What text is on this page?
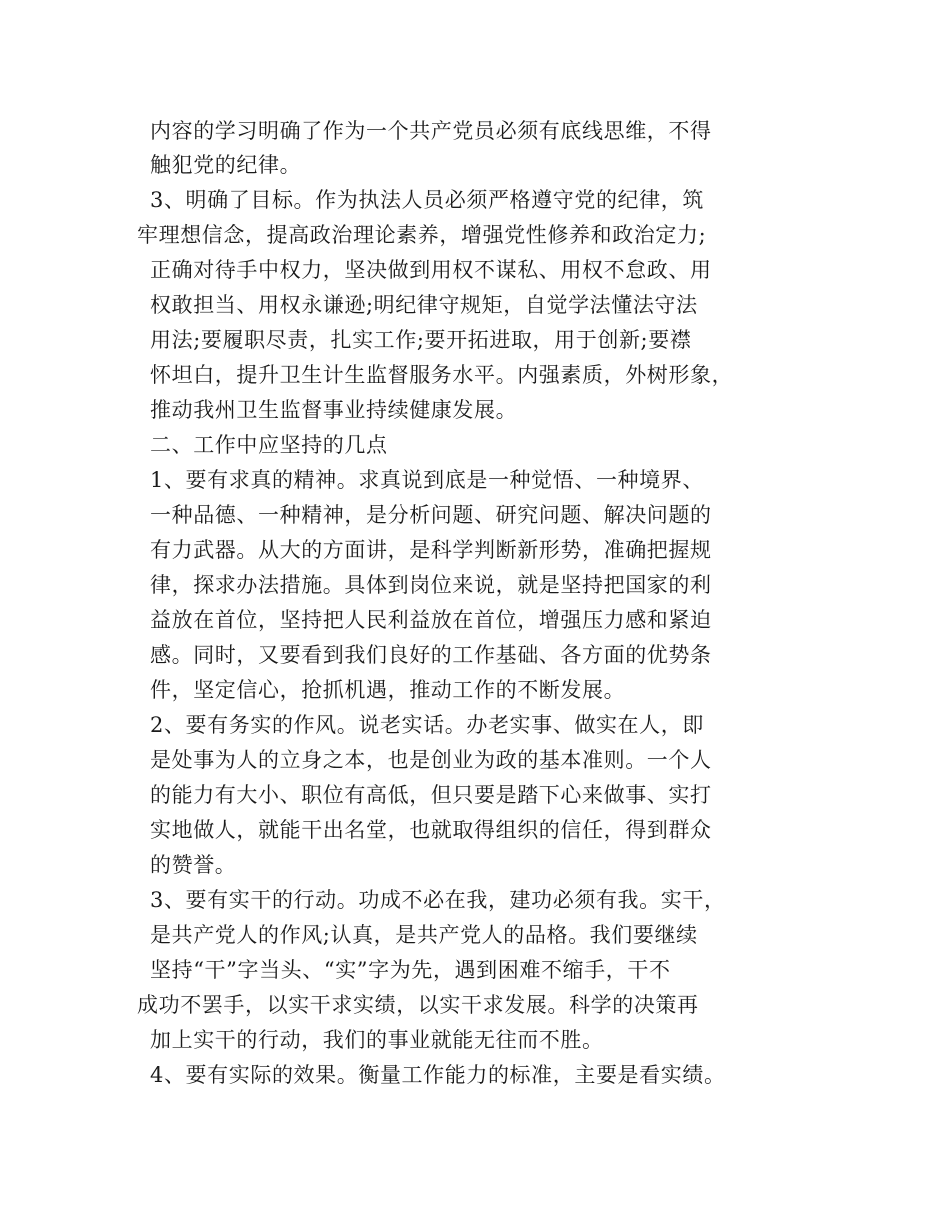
内容的学习明确了作为一个共产党员必须有底线思维，不得
触犯党的纪律。
3、明确了目标。作为执法人员必须严格遵守党的纪律，筑
牢理想信念，提高政治理论素养，增强党性修养和政治定力;
正确对待手中权力，坚决做到用权不谋私、用权不怠政、用
权敢担当、用权永谦逊;明纪律守规矩，自觉学法懂法守法
用法;要履职尽责，扎实工作;要开拓进取，用于创新;要襟
怀坦白，提升卫生计生监督服务水平。内强素质，外树形象，
推动我州卫生监督事业持续健康发展。
二、工作中应坚持的几点
1、要有求真的精神。求真说到底是一种觉悟、一种境界、
一种品德、一种精神，是分析问题、研究问题、解决问题的
有力武器。从大的方面讲，是科学判断新形势，准确把握规
律，探求办法措施。具体到岗位来说，就是坚持把国家的利
益放在首位，坚持把人民利益放在首位，增强压力感和紧迫
感。同时，又要看到我们良好的工作基础、各方面的优势条
件，坚定信心，抢抓机遇，推动工作的不断发展。
2、要有务实的作风。说老实话。办老实事、做实在人，即
是处事为人的立身之本，也是创业为政的基本准则。一个人
的能力有大小、职位有高低，但只要是踏下心来做事、实打
实地做人，就能干出名堂，也就取得组织的信任，得到群众
的赞誉。
3、要有实干的行动。功成不必在我，建功必须有我。实干，
是共产党人的作风;认真，是共产党人的品格。我们要继续
坚持“干”字当头、“实”字为先，遇到困难不缩手，干不
成功不罢手，以实干求实绩，以实干求发展。科学的决策再
加上实干的行动，我们的事业就能无往而不胜。
4、要有实际的效果。衡量工作能力的标准，主要是看实绩。
